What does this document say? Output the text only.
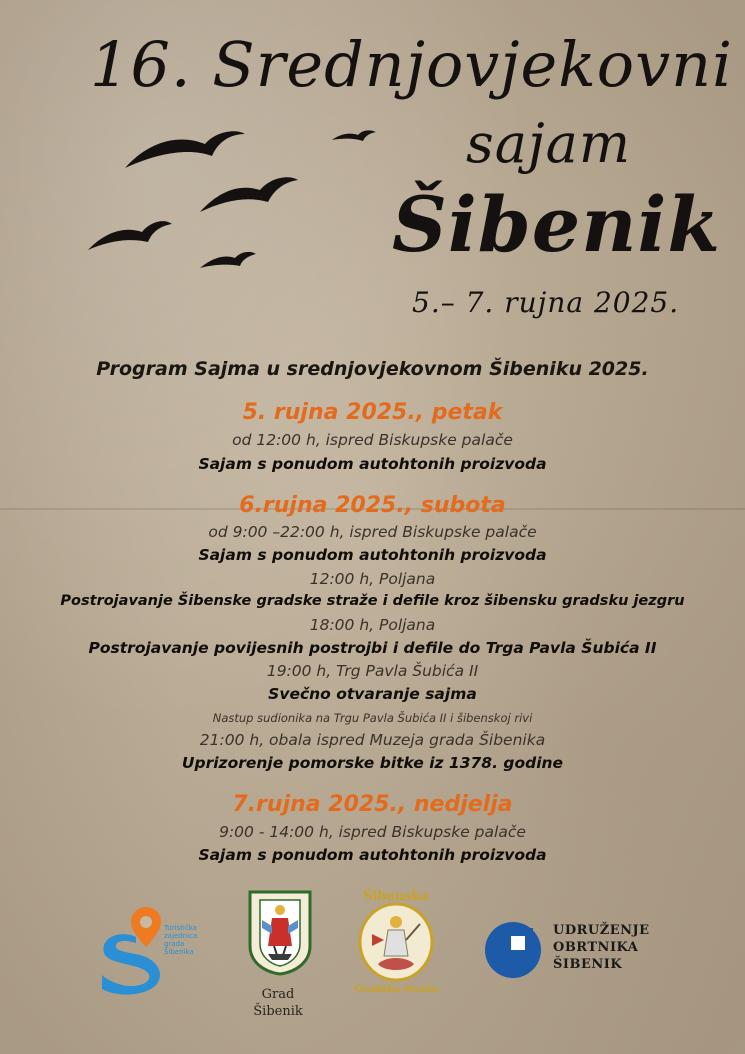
16. Srednjovjekovni
sajam
Šibenik
5.– 7. rujna 2025.
Program Sajma u srednjovjekovnom Šibeniku 2025.
5. rujna 2025., petak
od 12:00 h, ispred Biskupske palače
Sajam s ponudom autohtonih proizvoda
6.rujna 2025., subota
od 9:00 –22:00 h, ispred Biskupske palače
Sajam s ponudom autohtonih proizvoda
12:00 h, Poljana
Postrojavanje Šibenske gradske straže i defile kroz šibensku gradsku jezgru
18:00 h, Poljana
Postrojavanje povijesnih postrojbi i defile do Trga Pavla Šubića II
19:00 h, Trg Pavla Šubića II
Svečno otvaranje sajma
Nastup sudionika na Trgu Pavla Šubića II i šibenskoj rivi
21:00 h, obala ispred Muzeja grada Šibenika
Uprizorenje pomorske bitke iz 1378. godine
7.rujna 2025., nedjelja
9:00 - 14:00 h, ispred Biskupske palače
Sajam s ponudom autohtonih proizvoda
Turistička
zajednica
grada
Šibenika
Grad
Šibenik
Šibenska
Gradska straža
UDRUŽENJE
OBRTNIKA
ŠIBENIK
